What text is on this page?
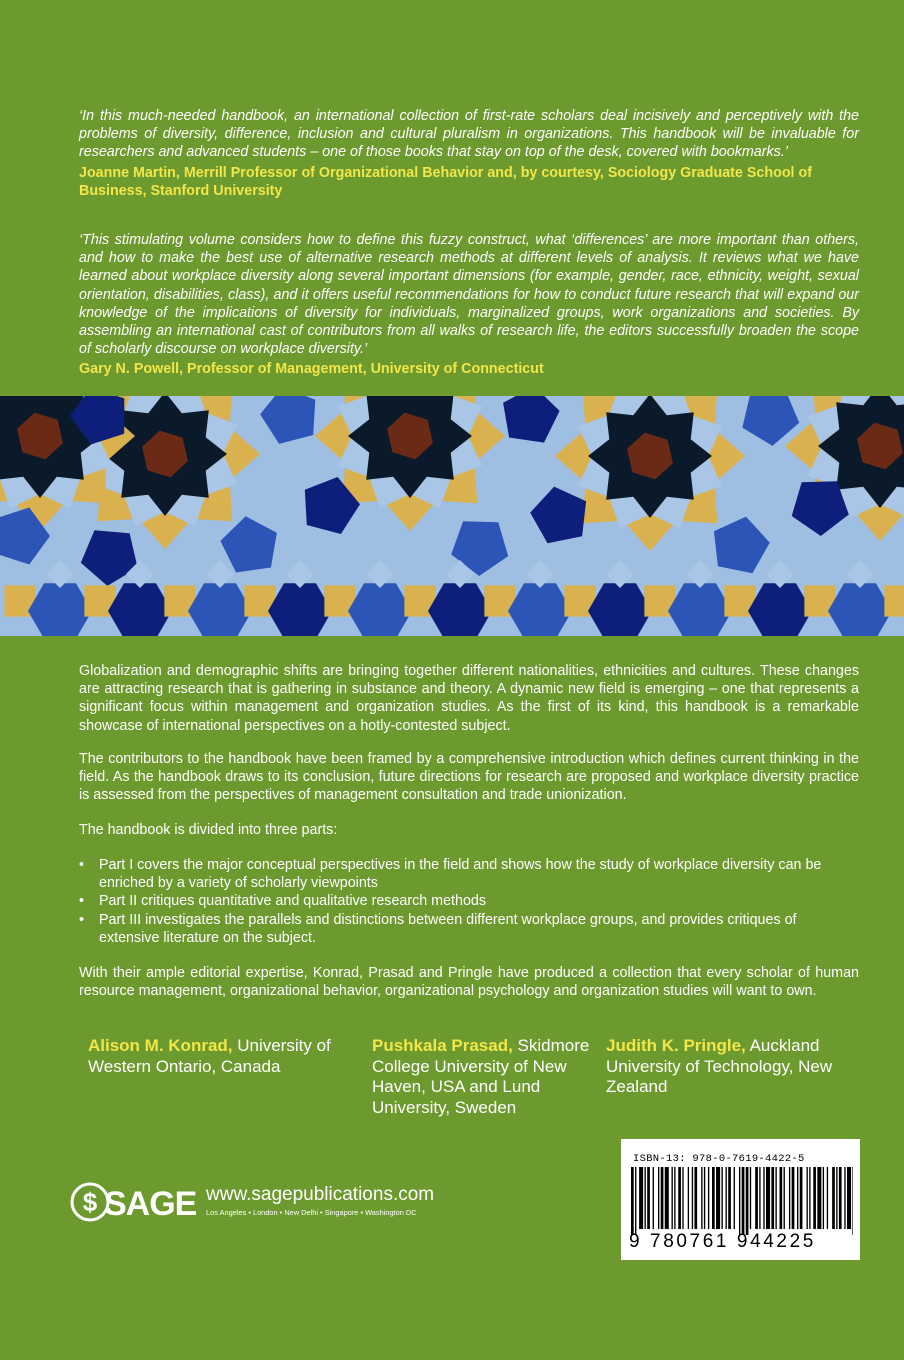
‘In this much-needed handbook, an international collection of first-rate scholars deal incisively and perceptively with the problems of diversity, difference, inclusion and cultural pluralism in organizations. This handbook will be invaluable for researchers and advanced students – one of those books that stay on top of the desk, covered with bookmarks.’

Joanne Martin, Merrill Professor of Organizational Behavior and, by courtesy, Sociology Graduate School of Business, Stanford University

‘This stimulating volume considers how to define this fuzzy construct, what ‘differences’ are more important than others, and how to make the best use of alternative research methods at different levels of analysis. It reviews what we have learned about workplace diversity along several important dimensions (for example, gender, race, ethnicity, weight, sexual orientation, disabilities, class), and it offers useful recommendations for how to conduct future research that will expand our knowledge of the implications of diversity for individuals, marginalized groups, work organizations and societies. By assembling an international cast of contributors from all walks of research life, the editors successfully broaden the scope of scholarly discourse on workplace diversity.’

Gary N. Powell, Professor of Management, University of Connecticut

Globalization and demographic shifts are bringing together different nationalities, ethnicities and cultures. These changes are attracting research that is gathering in substance and theory. A dynamic new field is emerging – one that represents a significant focus within management and organization studies. As the first of its kind, this handbook is a remarkable showcase of international perspectives on a hotly-contested subject.

The contributors to the handbook have been framed by a comprehensive introduction which defines current thinking in the field. As the handbook draws to its conclusion, future directions for research are proposed and workplace diversity practice is assessed from the perspectives of management consultation and trade unionization.

The handbook is divided into three parts:

• Part I covers the major conceptual perspectives in the field and shows how the study of workplace diversity can be enriched by a variety of scholarly viewpoints
• Part II critiques quantitative and qualitative research methods
• Part III investigates the parallels and distinctions between different workplace groups, and provides critiques of extensive literature on the subject.

With their ample editorial expertise, Konrad, Prasad and Pringle have produced a collection that every scholar of human resource management, organizational behavior, organizational psychology and organization studies will want to own.

Alison M. Konrad, University of Western Ontario, Canada
Pushkala Prasad, Skidmore College University of New Haven, USA and Lund University, Sweden
Judith K. Pringle, Auckland University of Technology, New Zealand
$ SAGE www.sagepublications.com

Los Angeles • London • New Delhi • Singapore • Washington DC

ISBN-13: 978-0-7619-4422-5

9 780761 944225
